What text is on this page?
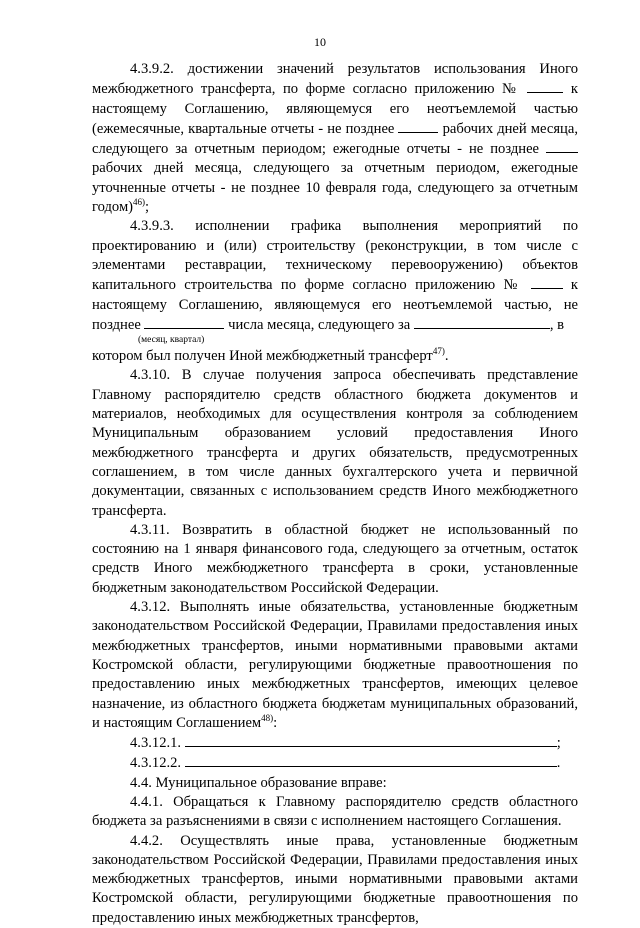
10

4.3.9.2. достижении значений результатов использования Иного межбюджетного трансферта, по форме согласно приложению №	к настоящему Соглашению, являющемуся его неотъемлемой частью (ежемесячные, квартальные отчеты - не позднее	рабочих дней месяца, следующего за отчетным периодом; ежегодные отчеты - не позднее  рабочих дней месяца, следующего за отчетным периодом, ежегодные уточненные отчеты - не позднее 10 февраля года, следующего за отчетным годом)$^{46)}$;

4.3.9.3. исполнении графика выполнения мероприятий по проектированию и (или) строительству (реконструкции, в том числе с элементами реставрации, техническому перевооружению) объектов капитального строительства по форме согласно приложению №	к настоящему Соглашению, являющемуся его неотъемлемой частью, не позднее	числа месяца, следующего за	, в
(месяц, квартал)
котором был получен Иной межбюджетный трансферт$^{47)}$.

4.3.10. В случае получения запроса обеспечивать представление Главному распорядителю средств областного бюджета документов и материалов, необходимых для осуществления контроля за соблюдением Муниципальным образованием условий предоставления Иного межбюджетного трансферта и других обязательств, предусмотренных соглашением, в том числе данных бухгалтерского учета и первичной документации, связанных с использованием средств Иного межбюджетного трансферта.

4.3.11. Возвратить в областной бюджет не использованный по состоянию на 1 января финансового года, следующего за отчетным, остаток средств Иного межбюджетного трансферта в сроки, установленные бюджетным законодательством Российской Федерации.

4.3.12. Выполнять иные обязательства, установленные бюджетным законодательством Российской Федерации, Правилами предоставления иных межбюджетных трансфертов, иными нормативными правовыми актами Костромской области, регулирующими бюджетные правоотношения по предоставлению иных межбюджетных трансфертов, имеющих целевое назначение, из областного бюджета бюджетам муниципальных образований, и настоящим Соглашением$^{48)}$:

4.3.12.1.	;

4.3.12.2.	.

4.4. Муниципальное образование вправе:

4.4.1. Обращаться к Главному распорядителю средств областного бюджета за разъяснениями в связи с исполнением настоящего Соглашения.

4.4.2. Осуществлять иные права, установленные бюджетным законодательством Российской Федерации, Правилами предоставления иных межбюджетных трансфертов, иными нормативными правовыми актами Костромской области, регулирующими бюджетные правоотношения по предоставлению иных межбюджетных трансфертов,
